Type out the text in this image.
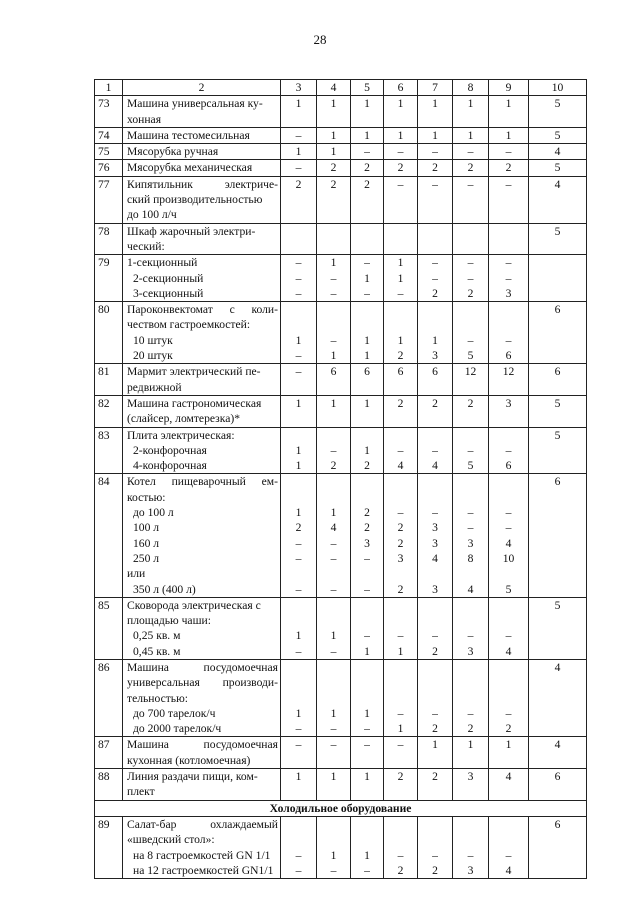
28
1	2	3	4	5	6	7	8	9	10
73	Машина универсальная ку-	1	1	1	1	1	1	1	5
	хонная								
74	Машина тестомесильная	–	1	1	1	1	1	1	5
75	Мясорубка ручная	1	1	–	–	–	–	–	4
76	Мясорубка механическая	–	2	2	2	2	2	2	5
77	Кипятильник электриче-	2	2	2	–	–	–	–	4
	ский производительностью								
	до 100 л/ч								
78	Шкаф жарочный электри-								5
	ческий:								
79	1-секционный	–	1	–	1	–	–	–	
	2-секционный	–	–	1	1	–	–	–	
	3-секционный	–	–	–	–	2	2	3	
80	Пароконвектомат с коли-								6
	чеством гастроемкостей:								
	10 штук	1	–	1	1	1	–	–	
	20 штук	–	1	1	2	3	5	6	
81	Мармит электрический пе-	–	6	6	6	6	12	12	6
	редвижной								
82	Машина гастрономическая	1	1	1	2	2	2	3	5
	(слайсер, ломтерезка)*								
83	Плита электрическая:								5
	2-конфорочная	1	–	1	–	–	–	–	
	4-конфорочная	1	2	2	4	4	5	6	
84	Котел пищеварочный ем-								6
	костью:								
	до 100 л	1	1	2	–	–	–	–	
	100 л	2	4	2	2	3	–	–	
	160 л	–	–	3	2	3	3	4	
	250 л	–	–	–	3	4	8	10	
	или								
	350 л (400 л)	–	–	–	2	3	4	5	
85	Сковорода электрическая с								5
	площадью чаши:								
	0,25 кв. м	1	1	–	–	–	–	–	
	0,45 кв. м	–	–	1	1	2	3	4	
86	Машина посудомоечная								4
	универсальная производи-								
	тельностью:								
	до 700 тарелок/ч	1	1	1	–	–	–	–	
	до 2000 тарелок/ч	–	–	–	1	2	2	2	
87	Машина посудомоечная	–	–	–	–	1	1	1	4
	кухонная (котломоечная)								
88	Линия раздачи пищи, ком-	1	1	1	2	2	3	4	6
	плект								
Холодильное оборудование									
89	Салат-бар охлаждаемый								6
	«шведский стол»:								
	на 8 гастроемкостей GN 1/1	–	1	1	–	–	–	–	
	на 12 гастроемкостей GN1/1	–	–	–	2	2	3	4	
